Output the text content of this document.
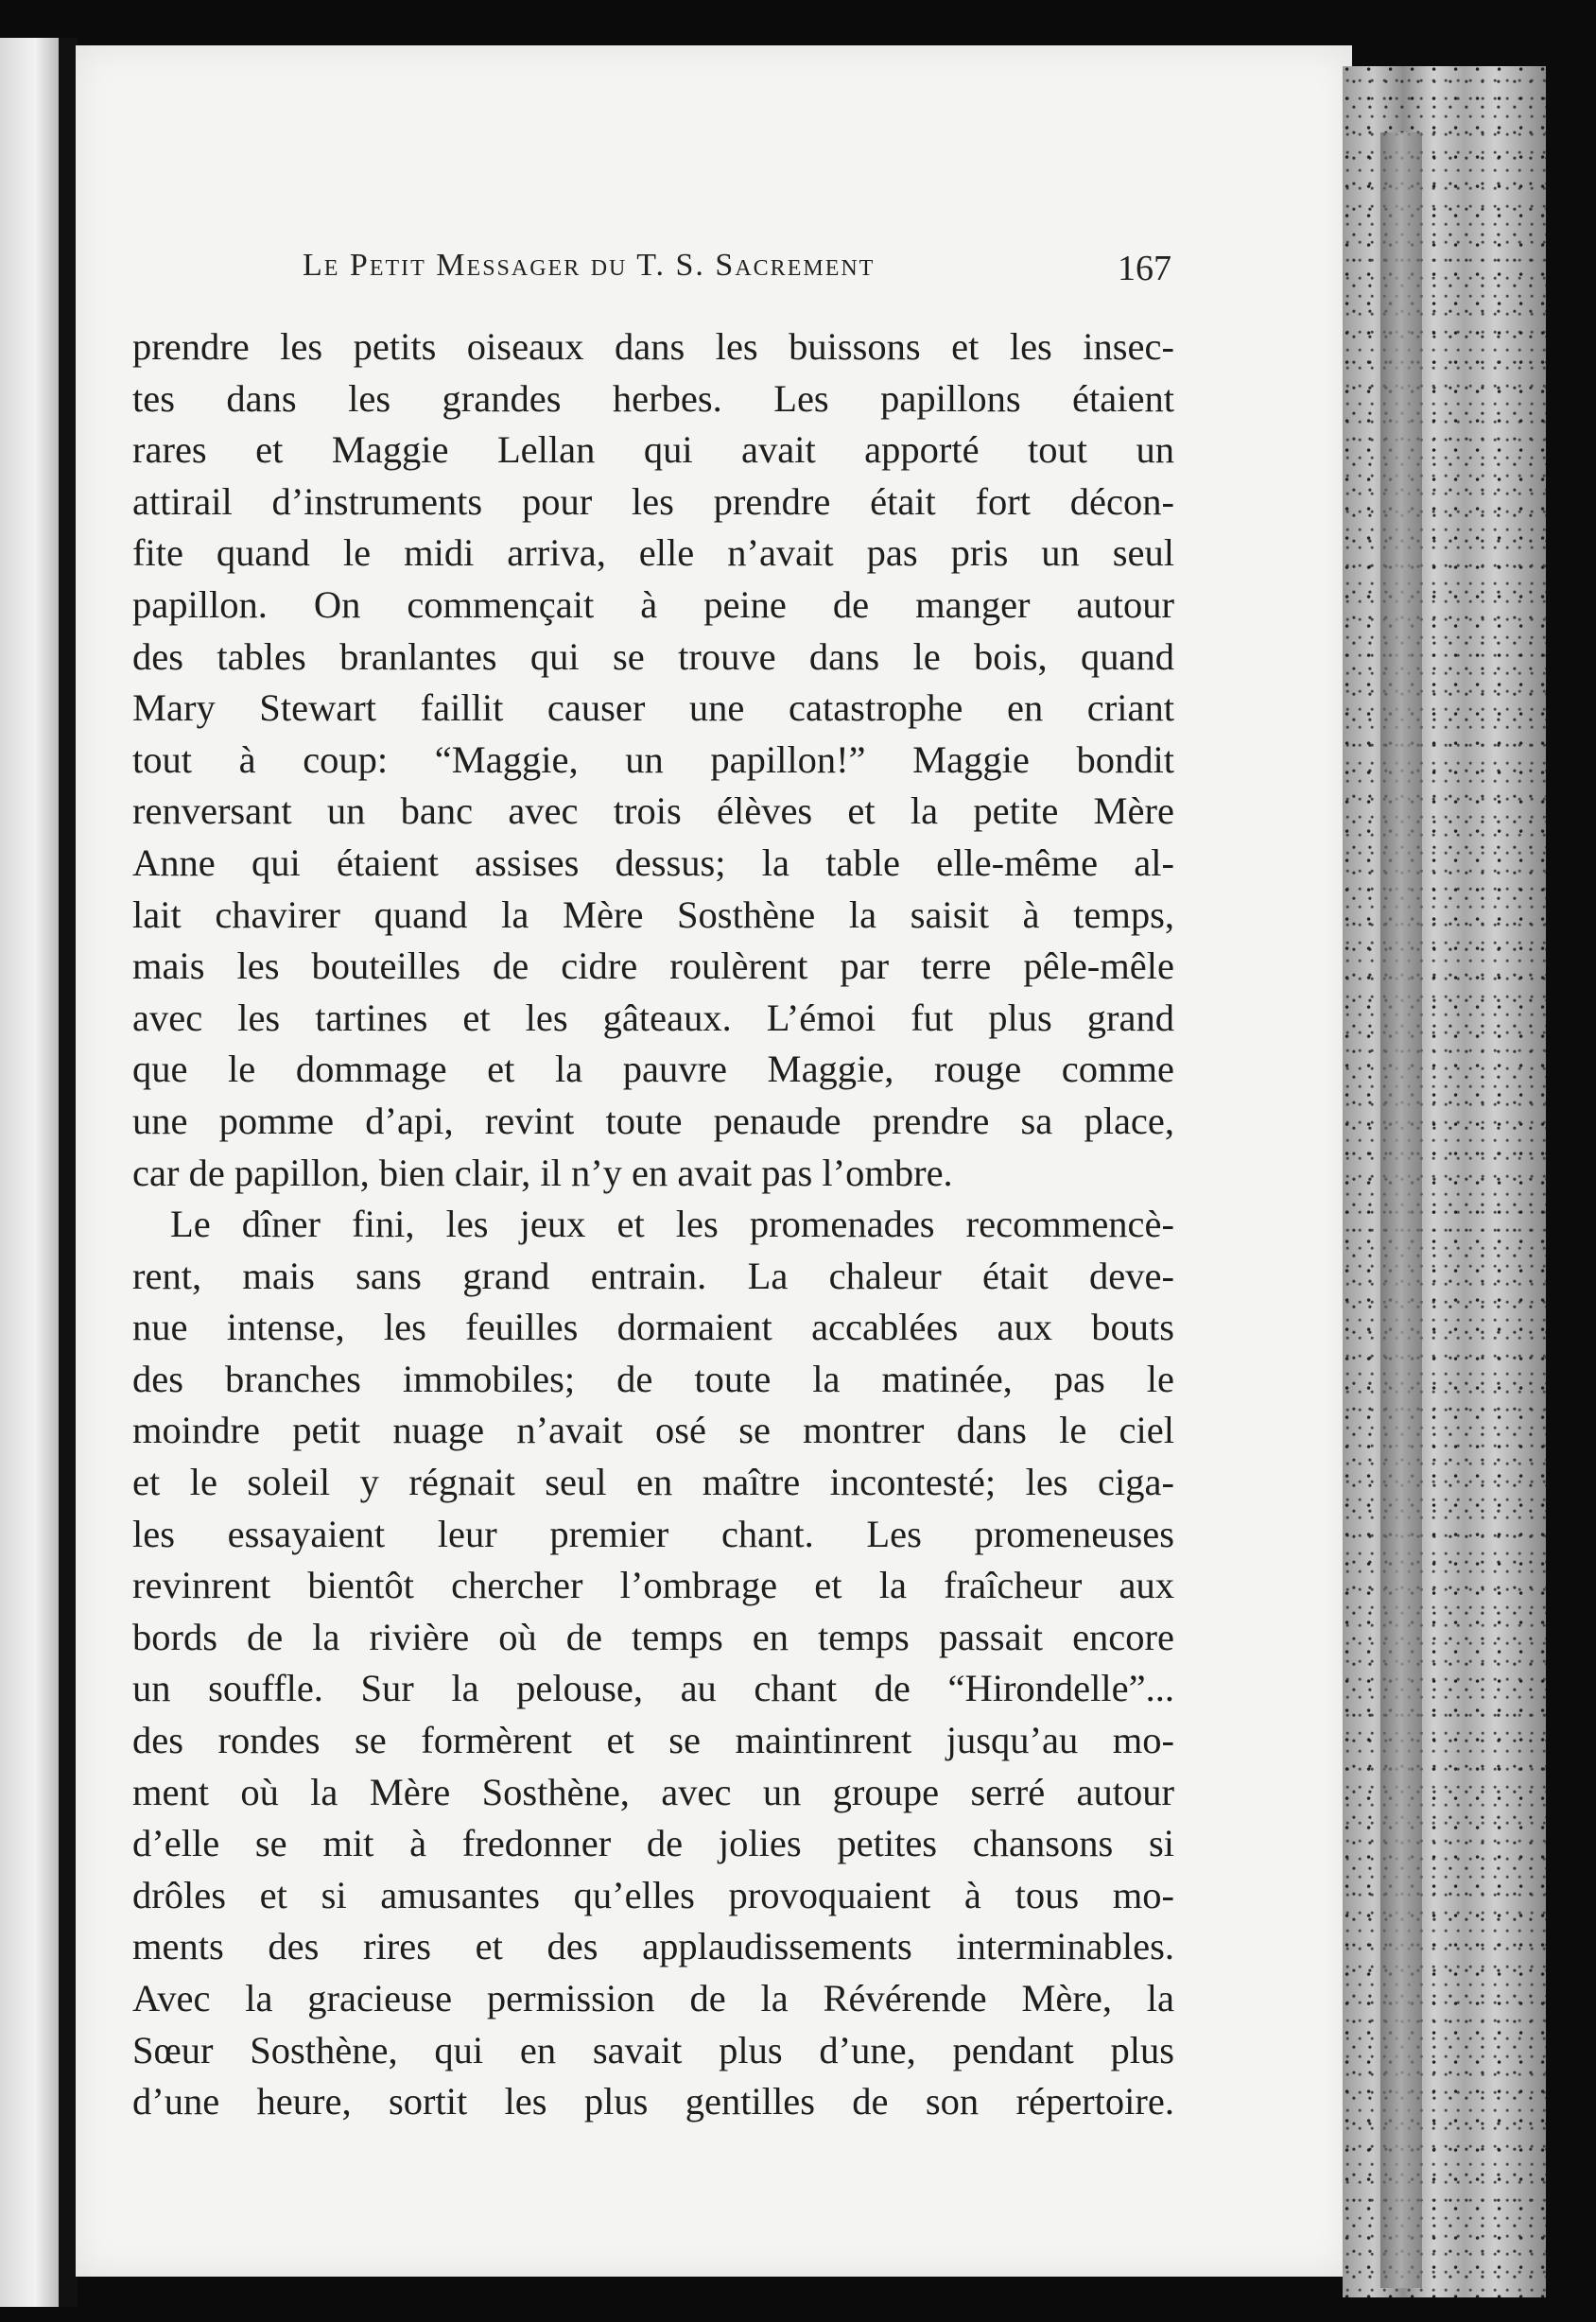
Le Petit Messager du T. S. Sacrement	167
prendre les petits oiseaux dans les buissons et les insec-
tes dans les grandes herbes. Les papillons étaient
rares et Maggie Lellan qui avait apporté tout un
attirail d’instruments pour les prendre était fort décon-
fite quand le midi arriva, elle n’avait pas pris un seul
papillon. On commençait à peine de manger autour
des tables branlantes qui se trouve dans le bois, quand
Mary Stewart faillit causer une catastrophe en criant
tout à coup: “Maggie, un papillon!” Maggie bondit
renversant un banc avec trois élèves et la petite Mère
Anne qui étaient assises dessus; la table elle-même al-
lait chavirer quand la Mère Sosthène la saisit à temps,
mais les bouteilles de cidre roulèrent par terre pêle-mêle
avec les tartines et les gâteaux. L’émoi fut plus grand
que le dommage et la pauvre Maggie, rouge comme
une pomme d’api, revint toute penaude prendre sa place,
car de papillon, bien clair, il n’y en avait pas l’ombre.
Le dîner fini, les jeux et les promenades recommencè-
rent, mais sans grand entrain. La chaleur était deve-
nue intense, les feuilles dormaient accablées aux bouts
des branches immobiles; de toute la matinée, pas le
moindre petit nuage n’avait osé se montrer dans le ciel
et le soleil y régnait seul en maître incontesté; les ciga-
les essayaient leur premier chant. Les promeneuses
revinrent bientôt chercher l’ombrage et la fraîcheur aux
bords de la rivière où de temps en temps passait encore
un souffle. Sur la pelouse, au chant de “Hirondelle”...
des rondes se formèrent et se maintinrent jusqu’au mo-
ment où la Mère Sosthène, avec un groupe serré autour
d’elle se mit à fredonner de jolies petites chansons si
drôles et si amusantes qu’elles provoquaient à tous mo-
ments des rires et des applaudissements interminables.
Avec la gracieuse permission de la Révérende Mère, la
Sœur Sosthène, qui en savait plus d’une, pendant plus
d’une heure, sortit les plus gentilles de son répertoire.
